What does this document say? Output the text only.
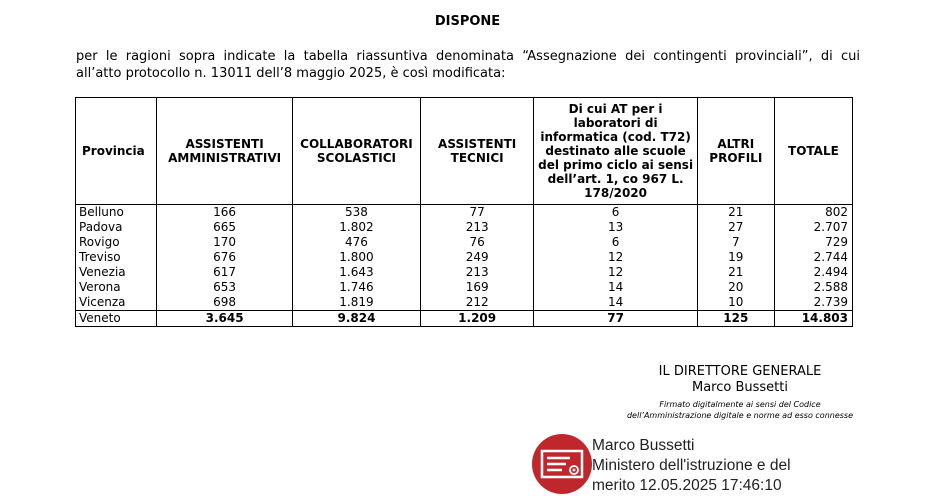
DISPONE
per le ragioni sopra indicate la tabella riassuntiva denominata “Assegnazione dei contingenti provinciali”, di cui
all’atto protocollo n. 13011 dell’8 maggio 2025, è così modificata:
Provincia	ASSISTENTI AMMINISTRATIVI	COLLABORATORI SCOLASTICI	ASSISTENTI TECNICI	Di cui AT per i laboratori di informatica (cod. T72) destinato alle scuole del primo ciclo ai sensi dell’art. 1, co 967 L. 178/2020	ALTRI PROFILI	TOTALE
Belluno	166	538	77	6	21	802
Padova	665	1.802	213	13	27	2.707
Rovigo	170	476	76	6	7	729
Treviso	676	1.800	249	12	19	2.744
Venezia	617	1.643	213	12	21	2.494
Verona	653	1.746	169	14	20	2.588
Vicenza	698	1.819	212	14	10	2.739
Veneto	3.645	9.824	1.209	77	125	14.803
IL DIRETTORE GENERALE
Marco Bussetti
Firmato digitalmente ai sensi del Codice
dell’Amministrazione digitale e norme ad esso connesse
Marco Bussetti
Ministero dell'istruzione e del
merito 12.05.2025 17:46:10
